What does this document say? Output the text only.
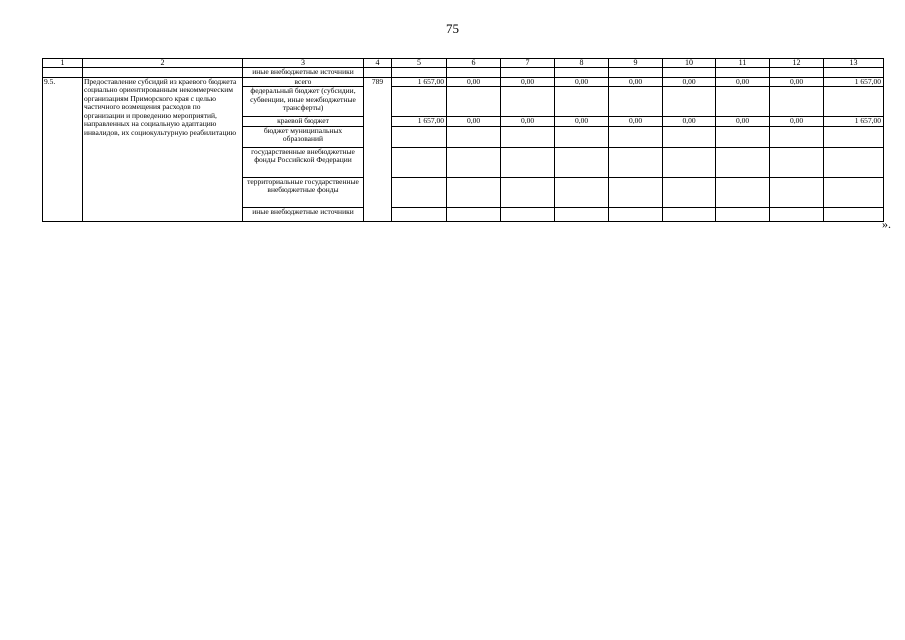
75
1	2	3	4	5	6	7	8	9	10	11	12	13
		иные внебюджетные источники										
9.5.	Предоставление субсидий из краевого бюджета социально ориентированным некоммерческим организациям Приморского края с целью частичного возмещения расходов по организации и проведению мероприятий, направленных на социальную адаптацию инвалидов, их социокультурную реабилитацию	всего	789	1 657,00	0,00	0,00	0,00	0,00	0,00	0,00	0,00	1 657,00
		федеральный бюджет (субсидии, субвенции, иные межбюджетные трансферты)										
		краевой бюджет		1 657,00	0,00	0,00	0,00	0,00	0,00	0,00	0,00	1 657,00
		бюджет муниципальных образований										
		государственные внебюджетные фонды Российской Федерации										
		территориальные государственные внебюджетные фонды										
		иные внебюджетные источники										
».
